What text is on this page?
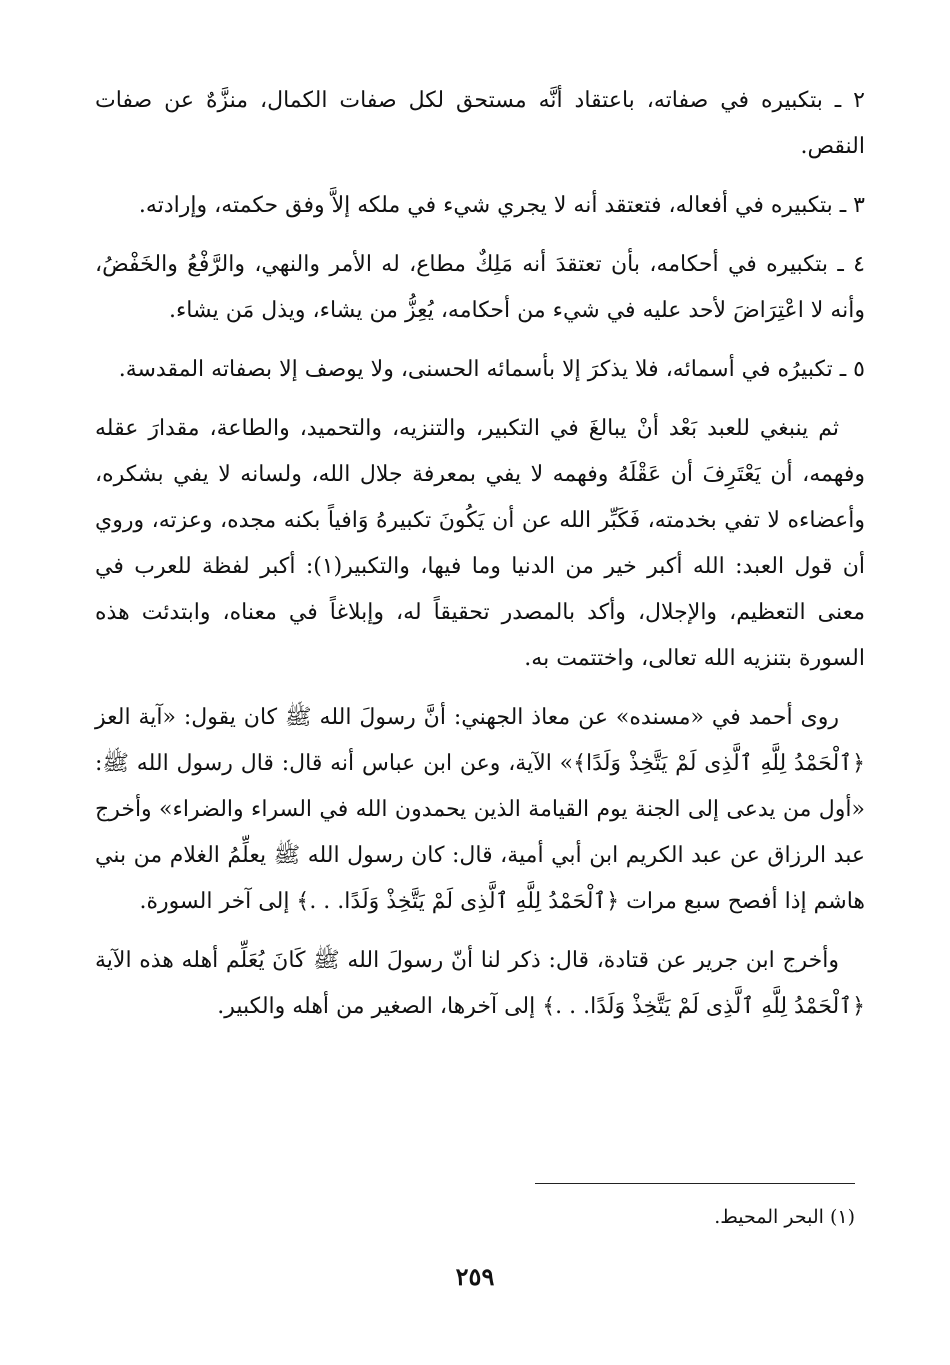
٢ ـ بتكبيره في صفاته، باعتقاد أنَّه مستحق لكل صفات الكمال، منزَّهٌ عن صفات النقص.

٣ ـ بتكبيره في أفعاله، فتعتقد أنه لا يجري شيء في ملكه إلاَّ وفق حكمته، وإرادته.

٤ ـ بتكبيره في أحكامه، بأن تعتقدَ أنه مَلِكٌ مطاع، له الأمر والنهي، والرَّفْعُ والخَفْضُ، وأنه لا اعْتِرَاضَ لأحد عليه في شيء من أحكامه، يُعِزُّ من يشاء، ويذل مَن يشاء.

٥ ـ تكبيرُه في أسمائه، فلا يذكرَ إلا بأسمائه الحسنى، ولا يوصف إلا بصفاته المقدسة.

ثم ينبغي للعبد بَعْد أنْ يبالغَ في التكبير، والتنزيه، والتحميد، والطاعة، مقدارَ عقله وفهمه، أن يَعْتَرِفَ أن عَقْلَهُ وفهمه لا يفي بمعرفة جلال الله، ولسانه لا يفي بشكره، وأعضاءه لا تفي بخدمته، فَكَبِّر الله عن أن يَكُونَ تكبيرهُ وَافياً بكنه مجده، وعزته، وروي أن قول العبد: الله أكبر خير من الدنيا وما فيها، والتكبير(١): أكبر لفظة للعرب في معنى التعظيم، والإجلال، وأكد بالمصدر تحقيقاً له، وإبلاغاً في معناه، وابتدئت هذه السورة بتنزيه الله تعالى، واختتمت به.

روى أحمد في «مسنده» عن معاذ الجهني: أنَّ رسولَ الله ﷺ كان يقول: «آية العز ﴿ٱلْحَمْدُ لِلَّهِ ٱلَّذِى لَمْ يَتَّخِذْ وَلَدًا﴾» الآية، وعن ابن عباس أنه قال: قال رسول الله ﷺ: «أول من يدعى إلى الجنة يوم القيامة الذين يحمدون الله في السراء والضراء» وأخرج عبد الرزاق عن عبد الكريم ابن أبي أمية، قال: كان رسول الله ﷺ يعلِّمُ الغلام من بني هاشم إذا أفصح سبع مرات ﴿ٱلْحَمْدُ لِلَّهِ ٱلَّذِى لَمْ يَتَّخِذْ وَلَدًا. . .﴾ إلى آخر السورة.

وأخرج ابن جرير عن قتادة، قال: ذكر لنا أنّ رسولَ الله ﷺ كَانَ يُعَلِّم أهله هذه الآية ﴿ٱلْحَمْدُ لِلَّهِ ٱلَّذِى لَمْ يَتَّخِذْ وَلَدًا. . .﴾ إلى آخرها، الصغير من أهله والكبير.

(١) البحر المحيط.
٢٥٩
